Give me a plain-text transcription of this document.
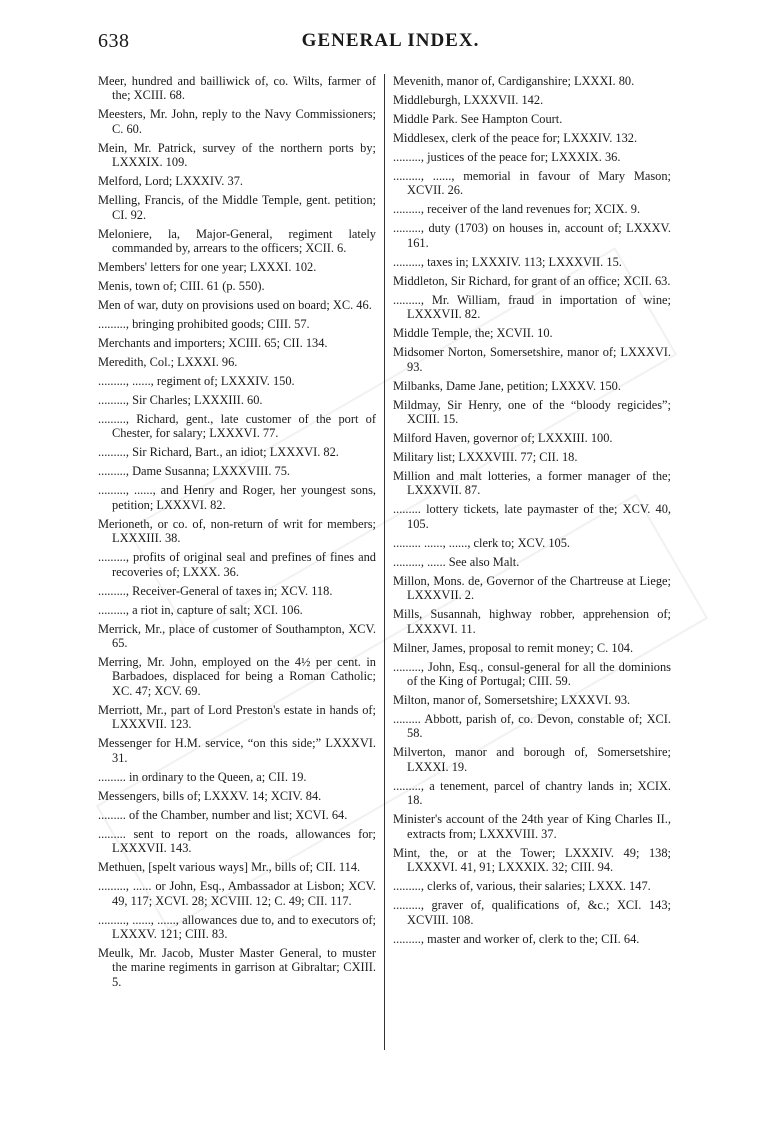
638	GENERAL INDEX.

Meer, hundred and bailliwick of, co. Wilts, farmer of the; XCIII. 68.

Meesters, Mr. John, reply to the Navy Commissioners; C. 60.

Mein, Mr. Patrick, survey of the northern ports by; LXXXIX. 109.

Melford, Lord; LXXXIV. 37.

Melling, Francis, of the Middle Temple, gent. petition; CI. 92.

Meloniere, la, Major-General, regiment lately commanded by, arrears to the officers; XCII. 6.

Members' letters for one year; LXXXI. 102.

Menis, town of; CIII. 61 (p. 550).

Men of war, duty on provisions used on board; XC. 46.

........., bringing prohibited goods; CIII. 57.

Merchants and importers; XCIII. 65; CII. 134.

Meredith, Col.; LXXXI. 96.

........., ......, regiment of; LXXXIV. 150.

........., Sir Charles; LXXXIII. 60.

........., Richard, gent., late customer of the port of Chester, for salary; LXXXVI. 77.

........., Sir Richard, Bart., an idiot; LXXXVI. 82.

........., Dame Susanna; LXXXVIII. 75.

........., ......, and Henry and Roger, her youngest sons, petition; LXXXVI. 82.

Merioneth, or co. of, non-return of writ for members; LXXXIII. 38.

........., profits of original seal and prefines of fines and recoveries of; LXXX. 36.

........., Receiver-General of taxes in; XCV. 118.

........., a riot in, capture of salt; XCI. 106.

Merrick, Mr., place of customer of Southampton, XCV. 65.

Merring, Mr. John, employed on the 4½ per cent. in Barbadoes, displaced for being a Roman Catholic; XC. 47; XCV. 69.

Merriott, Mr., part of Lord Preston's estate in hands of; LXXXVII. 123.

Messenger for H.M. service, “on this side;” LXXXVI. 31.

......... in ordinary to the Queen, a; CII. 19.

Messengers, bills of; LXXXV. 14; XCIV. 84.

......... of the Chamber, number and list; XCVI. 64.

......... sent to report on the roads, allowances for; LXXXVII. 143.

Methuen, [spelt various ways] Mr., bills of; CII. 114.

........., ...... or John, Esq., Ambassador at Lisbon; XCV. 49, 117; XCVI. 28; XCVIII. 12; C. 49; CII. 117.

........., ......, ......, allowances due to, and to executors of; LXXXV. 121; CIII. 83.

Meulk, Mr. Jacob, Muster Master General, to muster the marine regiments in garrison at Gibraltar; CXIII. 5.

Mevenith, manor of, Cardiganshire; LXXXI. 80.

Middleburgh, LXXXVII. 142.

Middle Park. See Hampton Court.

Middlesex, clerk of the peace for; LXXXIV. 132.

........., justices of the peace for; LXXXIX. 36.

........., ......, memorial in favour of Mary Mason; XCVII. 26.

........., receiver of the land revenues for; XCIX. 9.

........., duty (1703) on houses in, account of; LXXXV. 161.

........., taxes in; LXXXIV. 113; LXXXVII. 15.

Middleton, Sir Richard, for grant of an office; XCII. 63.

........., Mr. William, fraud in importation of wine; LXXXVII. 82.

Middle Temple, the; XCVII. 10.

Midsomer Norton, Somersetshire, manor of; LXXXVI. 93.

Milbanks, Dame Jane, petition; LXXXV. 150.

Mildmay, Sir Henry, one of the “bloody regicides”; XCIII. 15.

Milford Haven, governor of; LXXXIII. 100.

Military list; LXXXVIII. 77; CII. 18.

Million and malt lotteries, a former manager of the; LXXXVII. 87.

......... lottery tickets, late paymaster of the; XCV. 40, 105.

......... ......, ......, clerk to; XCV. 105.

........., ...... See also Malt.

Millon, Mons. de, Governor of the Chartreuse at Liege; LXXXVII. 2.

Mills, Susannah, highway robber, apprehension of; LXXXVI. 11.

Milner, James, proposal to remit money; C. 104.

........., John, Esq., consul-general for all the dominions of the King of Portugal; CIII. 59.

Milton, manor of, Somersetshire; LXXXVI. 93.

......... Abbott, parish of, co. Devon, constable of; XCI. 58.

Milverton, manor and borough of, Somersetshire; LXXXI. 19.

........., a tenement, parcel of chantry lands in; XCIX. 18.

Minister's account of the 24th year of King Charles II., extracts from; LXXXVIII. 37.

Mint, the, or at the Tower; LXXXIV. 49; 138; LXXXVI. 41, 91; LXXXIX. 32; CIII. 94.

........., clerks of, various, their salaries; LXXX. 147.

........., graver of, qualifications of, &c.; XCI. 143; XCVIII. 108.

........., master and worker of, clerk to the; CII. 64.
